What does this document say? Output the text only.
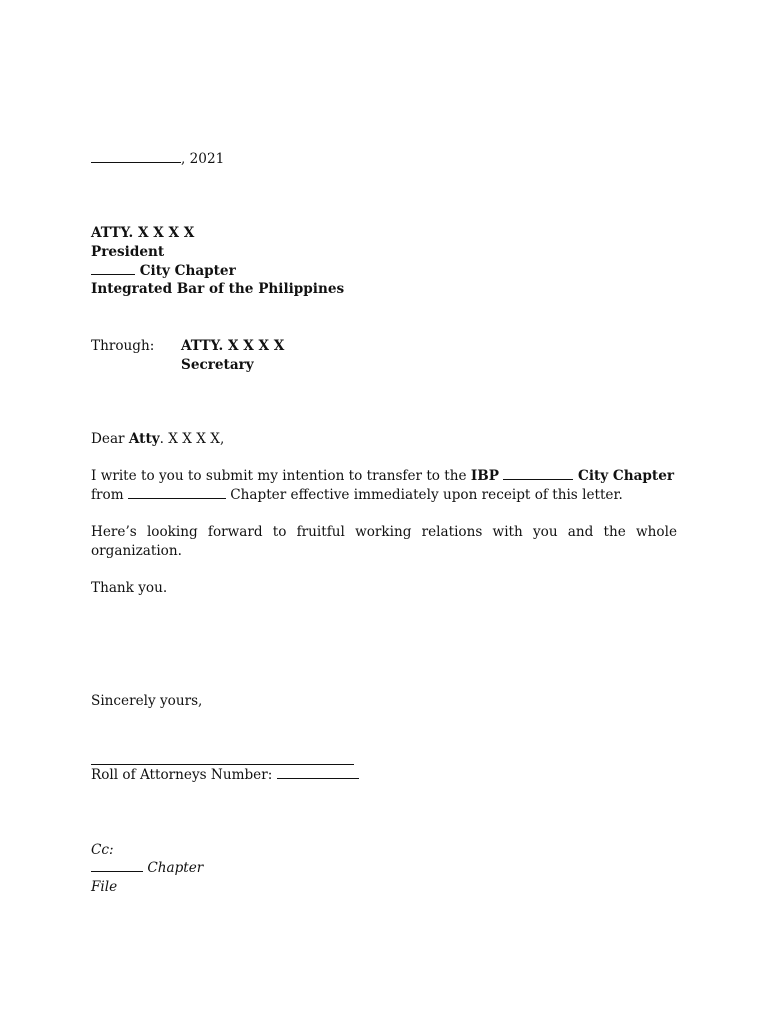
, 2021
ATTY. X X X X
President
City Chapter
Integrated Bar of the Philippines
Through: ATTY. X X X X
Secretary
Dear Atty. X X X X,
I write to you to submit my intention to transfer to the IBP	City Chapter
from	Chapter effective immediately upon receipt of this letter.
Here’s looking forward to fruitful working relations with you and the whole organization.
Thank you.
Sincerely yours,
Roll of Attorneys Number:
Cc:
Chapter
File
